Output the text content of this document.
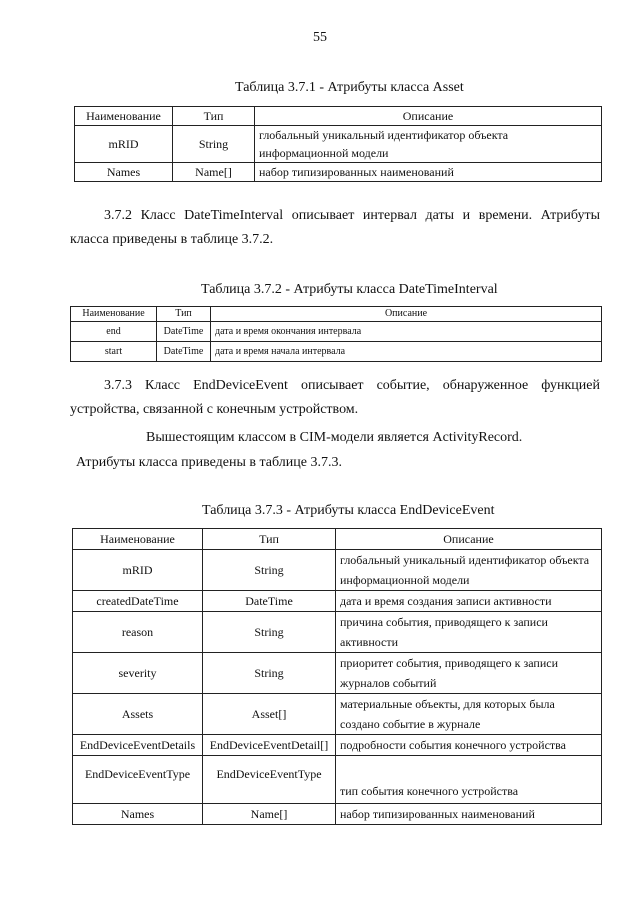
55
Таблица 3.7.1 - Атрибуты класса Asset
Наименование	Тип	Описание
mRID	String	глобальный уникальный идентификатор объекта информационной модели
Names	Name[]	набор типизированных наименований
3.7.2 Класс DateTimeInterval описывает интервал даты и времени. Атрибуты класса приведены в таблице 3.7.2.
Таблица 3.7.2 - Атрибуты класса DateTimeInterval
Наименование	Тип	Описание
end	DateTime	дата и время окончания интервала
start	DateTime	дата и время начала интервала
3.7.3 Класс EndDeviceEvent описывает событие, обнаруженное функцией устройства, связанной с конечным устройством.
Вышестоящим классом в CIM-модели является ActivityRecord.
Атрибуты класса приведены в таблице 3.7.3.
Таблица 3.7.3 - Атрибуты класса EndDeviceEvent
Наименование	Тип	Описание
mRID	String	глобальный уникальный идентификатор объекта информационной модели
createdDateTime	DateTime	дата и время создания записи активности
reason	String	причина события, приводящего к записи активности
severity	String	приоритет события, приводящего к записи журналов событий
Assets	Asset[]	материальные объекты, для которых была создано событие в журнале
EndDeviceEventDetails	EndDeviceEventDetail[]	подробности события конечного устройства
EndDeviceEventType	EndDeviceEventType	тип события конечного устройства
Names	Name[]	набор типизированных наименований
